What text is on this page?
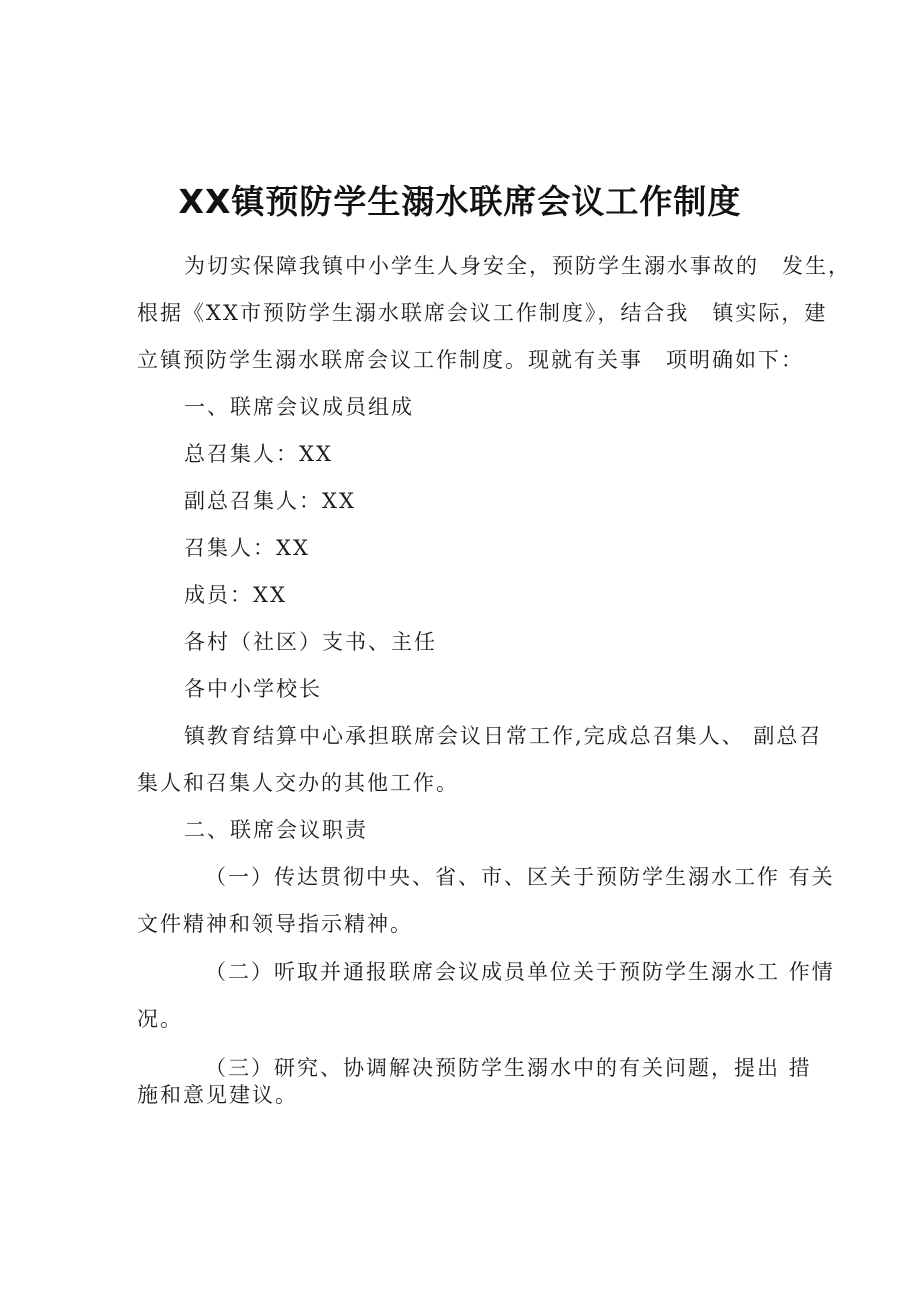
XX镇预防学生溺水联席会议工作制度
为切实保障我镇中小学生人身安全，预防学生溺水事故的　发生，
根据《XX市预防学生溺水联席会议工作制度》，结合我　镇实际，建
立镇预防学生溺水联席会议工作制度。现就有关事　项明确如下：
一、联席会议成员组成
总召集人：XX
副总召集人：XX
召集人：XX
成员：XX
各村（社区）支书、主任
各中小学校长
镇教育结算中心承担联席会议日常工作,完成总召集人、 副总召
集人和召集人交办的其他工作。
二、联席会议职责
（一）传达贯彻中央、省、市、区关于预防学生溺水工作 有关
文件精神和领导指示精神。
（二）听取并通报联席会议成员单位关于预防学生溺水工 作情
况。
（三）研究、协调解决预防学生溺水中的有关问题，提出 措
施和意见建议。
